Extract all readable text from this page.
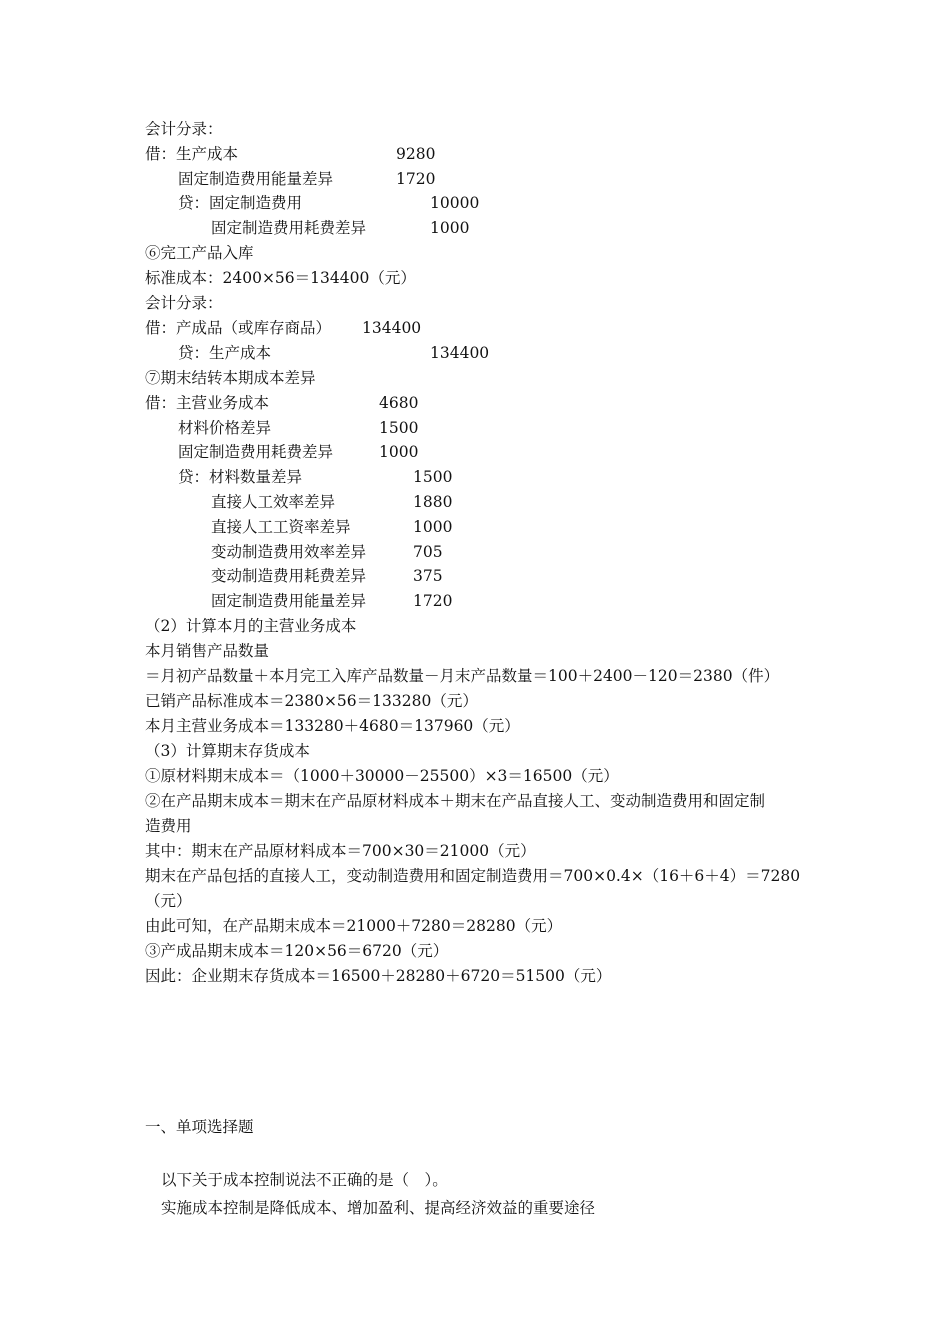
会计分录：
借：生产成本	9280
固定制造费用能量差异	1720
贷：固定制造费用	10000
固定制造费用耗费差异	1000
⑥完工产品入库
标准成本：2400×56＝134400（元）
会计分录：
借：产成品（或库存商品） 134400
贷：生产成本	134400
⑦期末结转本期成本差异
借：主营业务成本	4680
材料价格差异	1500
固定制造费用耗费差异	1000
贷：材料数量差异	1500
直接人工效率差异	1880
直接人工工资率差异	1000
变动制造费用效率差异	705
变动制造费用耗费差异	375
固定制造费用能量差异	1720
（2）计算本月的主营业务成本
本月销售产品数量
＝月初产品数量＋本月完工入库产品数量－月末产品数量＝100＋2400－120＝2380（件）
已销产品标准成本＝2380×56＝133280（元）
本月主营业务成本＝133280＋4680＝137960（元）
（3）计算期末存货成本
①原材料期末成本＝（1000＋30000－25500）×3＝16500（元）
②在产品期末成本＝期末在产品原材料成本＋期末在产品直接人工、变动制造费用和固定制
造费用
其中：期末在产品原材料成本＝700×30＝21000（元）
期末在产品包括的直接人工，变动制造费用和固定制造费用＝700×0.4×（16＋6＋4）＝7280
（元）
由此可知，在产品期末成本＝21000＋7280＝28280（元）
③产成品期末成本＝120×56＝6720（元）
因此：企业期末存货成本＝16500＋28280＋6720＝51500（元）
一、单项选择题
以下关于成本控制说法不正确的是（　）。
实施成本控制是降低成本、增加盈利、提高经济效益的重要途径
